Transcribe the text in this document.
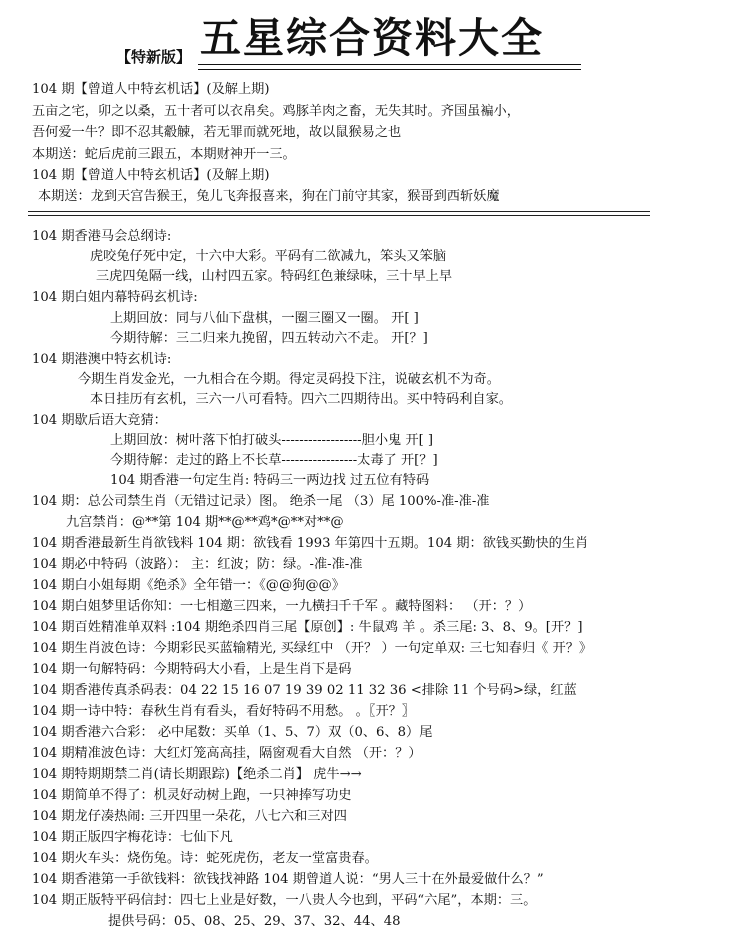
【特新版】 五星综合资料大全
104 期【曾道人中特玄机话】(及解上期)
五亩之宅，卯之以桑，五十者可以衣帛矣。鸡豚羊肉之畜，无失其时。齐国虽褊小，
吾何爱一牛？即不忍其觳觫，若无罪而就死地，故以鼠猴易之也
本期送：蛇后虎前三跟五，本期财神开一三。
104 期【曾道人中特玄机话】(及解上期)
本期送：龙到天宫告猴王，兔儿飞奔报喜来，狗在门前守其家，猴哥到西斩妖魔
104 期香港马会总纲诗:
虎咬兔仔死中定，十六中大彩。平码有二欲减九，笨头又笨脑
三虎四兔隔一线，山村四五家。特码红色兼绿味，三十早上早
104 期白姐内幕特码玄机诗:
上期回放：同与八仙下盘棋，一圈三圈又一圈。 开[ ]
今期待解：三二归来九挽留，四五转动六不走。 开[？]
104 期港澳中特玄机诗:
今期生肖发金光，一九相合在今期。得定灵码投下注，说破玄机不为奇。
本日挂历有玄机，三六一八可看特。四六二四期待出。买中特码利自家。
104 期歇后语大竞猜：
上期回放：树叶落下怕打破头------------------胆小鬼 开[ ]
今期待解：走过的路上不长草-----------------太毒了 开[？]
104 期香港一句定生肖: 特码三一两边找 过五位有特码
104 期：总公司禁生肖（无错过记录）图。 绝杀一尾 （3）尾 100%-准-准-准
九宫禁肖：@**第 104 期**@**鸡*@**对**@
104 期香港最新生肖欲钱料 104 期：欲钱看 1993 年第四十五期。104 期：欲钱买勤快的生肖
104 期必中特码（波路）： 主：红波；防：绿。-准-准-准
104 期白小姐每期《绝杀》全年错一：《@@狗@@》
104 期白姐梦里话你知：一七相邀三四来，一九横扫千千军 。藏特图料： （开：？）
104 期百姓精准单双料 :104 期绝杀四肖三尾【原创】: 牛鼠鸡 羊 。杀三尾: 3、8、9。[开？]
104 期生肖波色诗：今期彩民买蓝输精光, 买绿红中 （开？ ）一句定单双: 三七知春归《 开？》
104 期一句解特码：今期特码大小看，上是生肖下是码
104 期香港传真杀码表：04 22 15 16 07 19 39 02 11 32 36 <排除 11 个号码>绿，红蓝
104 期一诗中特：春秋生肖有看头，看好特码不用愁。 。〖开？〗
104 期香港六合彩： 必中尾数：买单（1、5、7）双（0、6、8）尾
104 期精准波色诗：大红灯笼高高挂，隔窗观看大自然 （开：？）
104 期特期期禁二肖(请长期跟踪)【绝杀二肖】 虎牛→→
104 期简单不得了：机灵好动树上跑，一只神捧写功史
104 期龙仔凑热闹: 三开四里一朵花，八七六和三对四
104 期正版四字梅花诗：七仙下凡
104 期火车头：烧伤兔。诗：蛇死虎伤，老友一堂富贵春。
104 期香港第一手欲钱料：欲钱找神路 104 期曾道人说：“男人三十在外最爱做什么？”
104 期正版特平码信封：四七上业是好数，一八贵人今也到，平码“六尾”，本期：三。
提供号码：05、08、25、29、37、32、44、48
